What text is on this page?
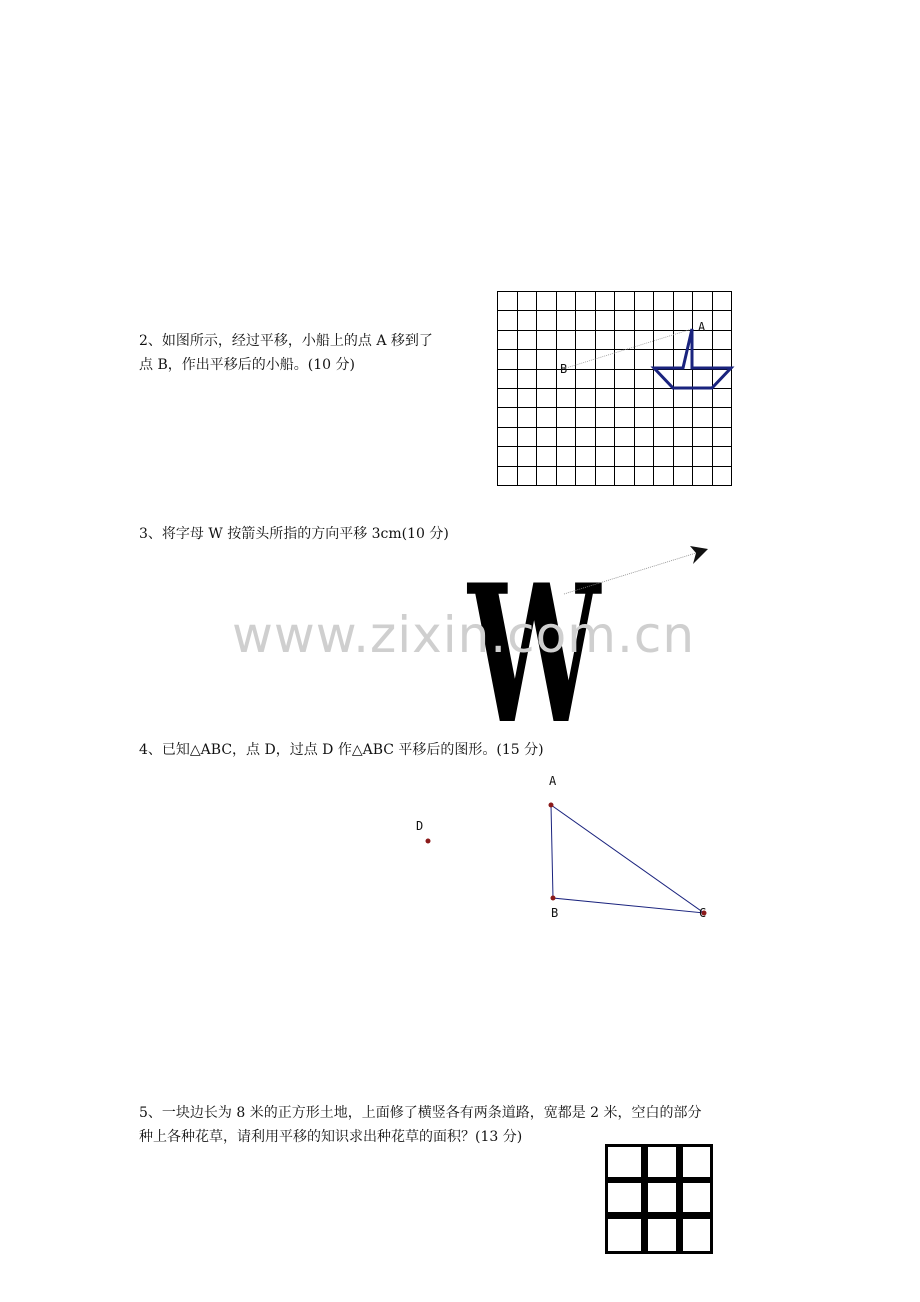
2、如图所示，经过平移，小船上的点 A 移到了
点 B，作出平移后的小船。(10 分)
A
B
3、将字母 W 按箭头所指的方向平移 3cm(10 分)
W
www.zixin.com.cn
4、已知△ABC，点 D，过点 D 作△ABC 平移后的图形。(15 分)
A
B	C
D
5、一块边长为 8 米的正方形土地，上面修了横竖各有两条道路，宽都是 2 米，空白的部分
种上各种花草，请利用平移的知识求出种花草的面积？(13 分)
